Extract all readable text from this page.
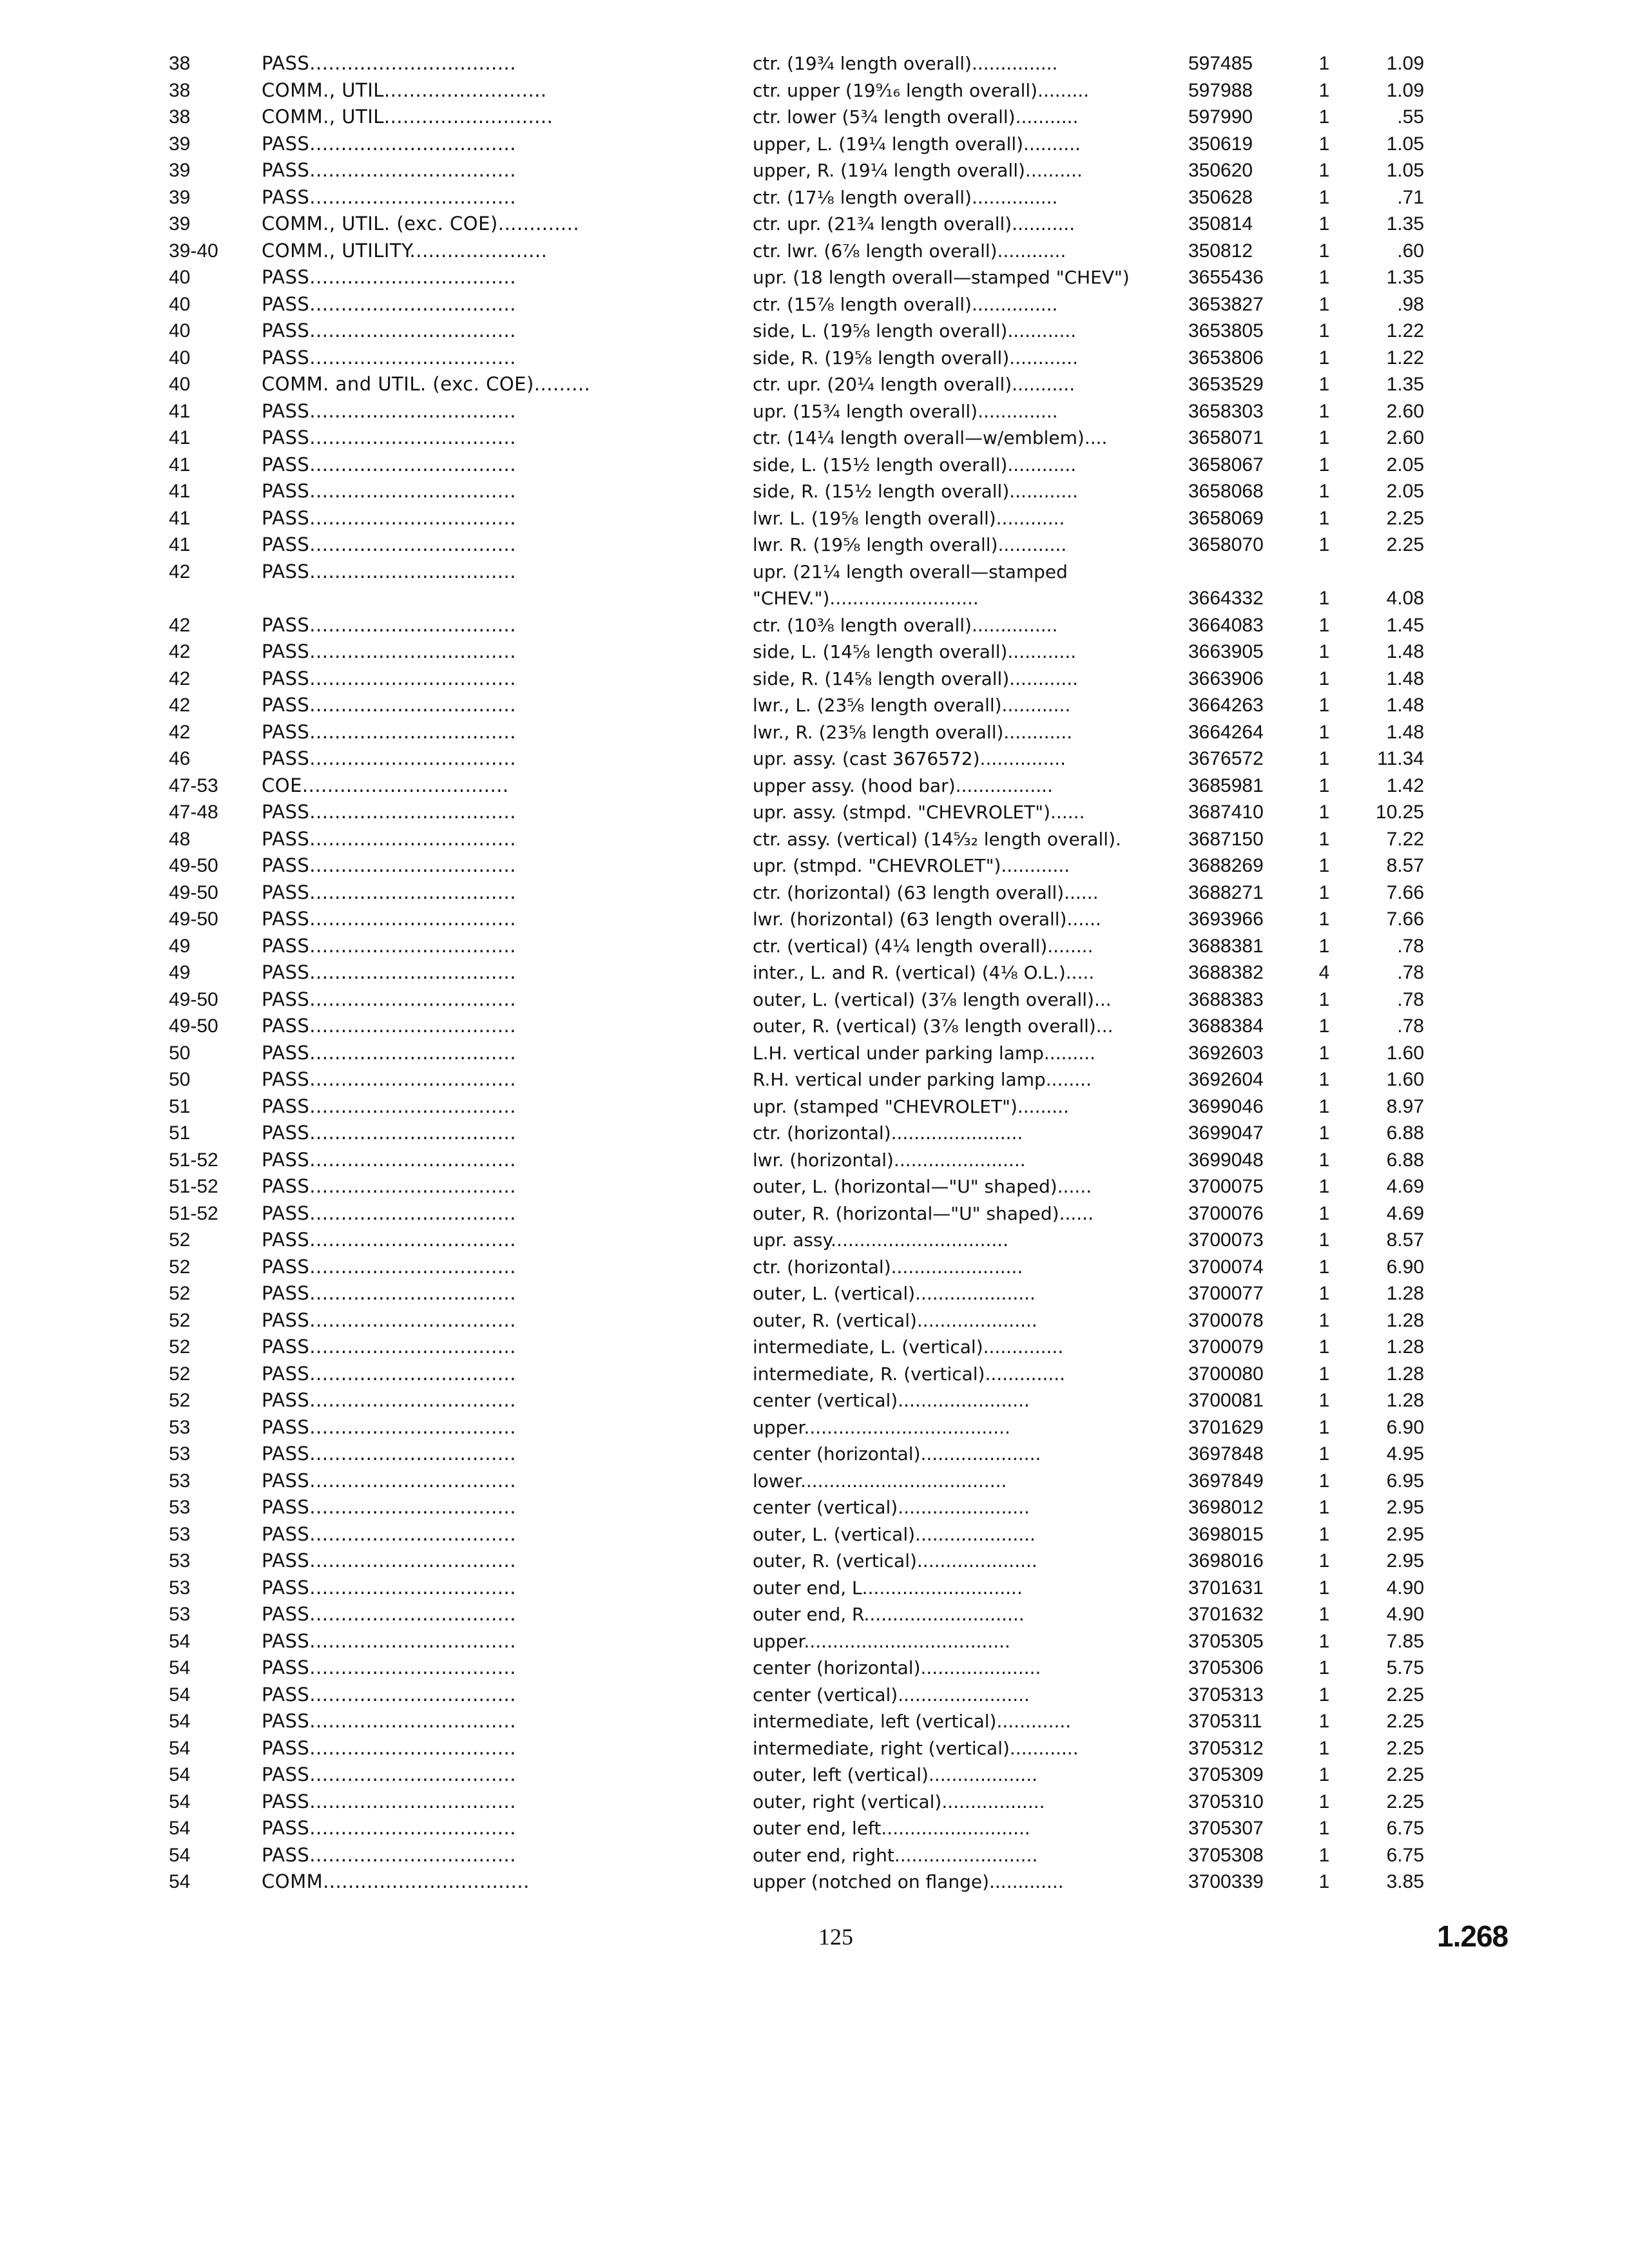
38	PASS.................................	ctr. (19¾ length overall)...............	597485	1	1.09
38	COMM., UTIL..........................	ctr. upper (19⁹⁄₁₆ length overall).........	597988	1	1.09
38	COMM., UTIL...........................	ctr. lower (5¾ length overall)...........	597990	1	.55
39	PASS.................................	upper, L. (19¼ length overall)..........	350619	1	1.05
39	PASS.................................	upper, R. (19¼ length overall)..........	350620	1	1.05
39	PASS.................................	ctr. (17⅛ length overall)...............	350628	1	.71
39	COMM., UTIL. (exc. COE).............	ctr. upr. (21¾ length overall)...........	350814	1	1.35
39-40	COMM., UTILITY......................	ctr. lwr. (6⅞ length overall)............	350812	1	.60
40	PASS.................................	upr. (18 length overall—stamped "CHEV")	3655436	1	1.35
40	PASS.................................	ctr. (15⅞ length overall)...............	3653827	1	.98
40	PASS.................................	side, L. (19⅝ length overall)............	3653805	1	1.22
40	PASS.................................	side, R. (19⅝ length overall)............	3653806	1	1.22
40	COMM. and UTIL. (exc. COE).........	ctr. upr. (20¼ length overall)...........	3653529	1	1.35
41	PASS.................................	upr. (15¾ length overall)..............	3658303	1	2.60
41	PASS.................................	ctr. (14¼ length overall—w/emblem)....	3658071	1	2.60
41	PASS.................................	side, L. (15½ length overall)............	3658067	1	2.05
41	PASS.................................	side, R. (15½ length overall)............	3658068	1	2.05
41	PASS.................................	lwr. L. (19⅝ length overall)............	3658069	1	2.25
41	PASS.................................	lwr. R. (19⅝ length overall)............	3658070	1	2.25
42	PASS.................................	upr. (21¼ length overall—stamped
"CHEV.")..........................	3664332	1	4.08
42	PASS.................................	ctr. (10⅜ length overall)...............	3664083	1	1.45
42	PASS.................................	side, L. (14⅝ length overall)............	3663905	1	1.48
42	PASS.................................	side, R. (14⅝ length overall)............	3663906	1	1.48
42	PASS.................................	lwr., L. (23⅝ length overall)............	3664263	1	1.48
42	PASS.................................	lwr., R. (23⅝ length overall)............	3664264	1	1.48
46	PASS.................................	upr. assy. (cast 3676572)...............	3676572	1	11.34
47-53	COE.................................	upper assy. (hood bar).................	3685981	1	1.42
47-48	PASS.................................	upr. assy. (stmpd. "CHEVROLET")......	3687410	1	10.25
48	PASS.................................	ctr. assy. (vertical) (14⁵⁄₃₂ length overall).	3687150	1	7.22
49-50	PASS.................................	upr. (stmpd. "CHEVROLET")............	3688269	1	8.57
49-50	PASS.................................	ctr. (horizontal) (63 length overall)......	3688271	1	7.66
49-50	PASS.................................	lwr. (horizontal) (63 length overall)......	3693966	1	7.66
49	PASS.................................	ctr. (vertical) (4¼ length overall)........	3688381	1	.78
49	PASS.................................	inter., L. and R. (vertical) (4⅛ O.L.).....	3688382	4	.78
49-50	PASS.................................	outer, L. (vertical) (3⅞ length overall)...	3688383	1	.78
49-50	PASS.................................	outer, R. (vertical) (3⅞ length overall)...	3688384	1	.78
50	PASS.................................	L.H. vertical under parking lamp.........	3692603	1	1.60
50	PASS.................................	R.H. vertical under parking lamp........	3692604	1	1.60
51	PASS.................................	upr. (stamped "CHEVROLET").........	3699046	1	8.97
51	PASS.................................	ctr. (horizontal).......................	3699047	1	6.88
51-52	PASS.................................	lwr. (horizontal).......................	3699048	1	6.88
51-52	PASS.................................	outer, L. (horizontal—"U" shaped)......	3700075	1	4.69
51-52	PASS.................................	outer, R. (horizontal—"U" shaped)......	3700076	1	4.69
52	PASS.................................	upr. assy...............................	3700073	1	8.57
52	PASS.................................	ctr. (horizontal).......................	3700074	1	6.90
52	PASS.................................	outer, L. (vertical).....................	3700077	1	1.28
52	PASS.................................	outer, R. (vertical).....................	3700078	1	1.28
52	PASS.................................	intermediate, L. (vertical)..............	3700079	1	1.28
52	PASS.................................	intermediate, R. (vertical)..............	3700080	1	1.28
52	PASS.................................	center (vertical).......................	3700081	1	1.28
53	PASS.................................	upper....................................	3701629	1	6.90
53	PASS.................................	center (horizontal).....................	3697848	1	4.95
53	PASS.................................	lower....................................	3697849	1	6.95
53	PASS.................................	center (vertical).......................	3698012	1	2.95
53	PASS.................................	outer, L. (vertical).....................	3698015	1	2.95
53	PASS.................................	outer, R. (vertical).....................	3698016	1	2.95
53	PASS.................................	outer end, L............................	3701631	1	4.90
53	PASS.................................	outer end, R............................	3701632	1	4.90
54	PASS.................................	upper....................................	3705305	1	7.85
54	PASS.................................	center (horizontal).....................	3705306	1	5.75
54	PASS.................................	center (vertical).......................	3705313	1	2.25
54	PASS.................................	intermediate, left (vertical).............	3705311	1	2.25
54	PASS.................................	intermediate, right (vertical)............	3705312	1	2.25
54	PASS.................................	outer, left (vertical)...................	3705309	1	2.25
54	PASS.................................	outer, right (vertical)..................	3705310	1	2.25
54	PASS.................................	outer end, left..........................	3705307	1	6.75
54	PASS.................................	outer end, right.........................	3705308	1	6.75
54	COMM.................................	upper (notched on flange).............	3700339	1	3.85
125	1.268
